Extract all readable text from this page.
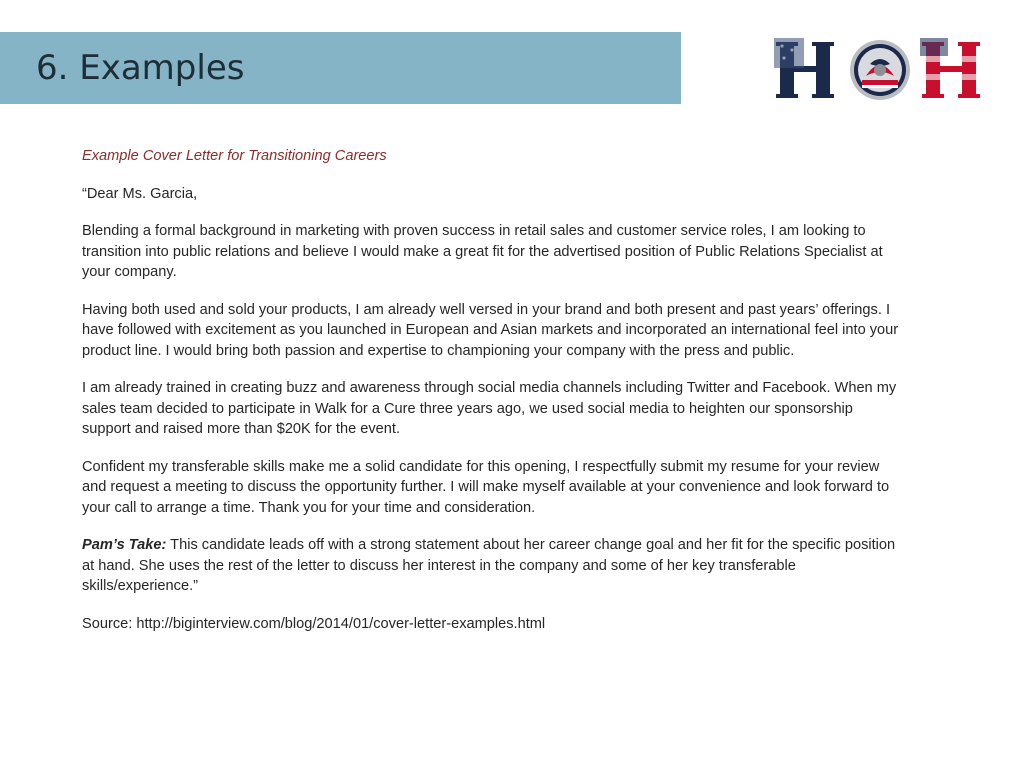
6. Examples

Example Cover Letter for Transitioning Careers

“Dear Ms. Garcia,

Blending a formal background in marketing with proven success in retail sales and customer service roles, I am looking to transition into public relations and believe I would make a great fit for the advertised position of Public Relations Specialist at your company.

Having both used and sold your products, I am already well versed in your brand and both present and past years’ offerings. I have followed with excitement as you launched in European and Asian markets and incorporated an international feel into your product line. I would bring both passion and expertise to championing your company with the press and public.

I am already trained in creating buzz and awareness through social media channels including Twitter and Facebook. When my sales team decided to participate in Walk for a Cure three years ago, we used social media to heighten our sponsorship support and raised more than $20K for the event.

Confident my transferable skills make me a solid candidate for this opening, I respectfully submit my resume for your review and request a meeting to discuss the opportunity further. I will make myself available at your convenience and look forward to your call to arrange a time. Thank you for your time and consideration.

Pam’s Take: This candidate leads off with a strong statement about her career change goal and her fit for the specific position at hand. She uses the rest of the letter to discuss her interest in the company and some of her key transferable skills/experience.”

Source: http://biginterview.com/blog/2014/01/cover-letter-examples.html
